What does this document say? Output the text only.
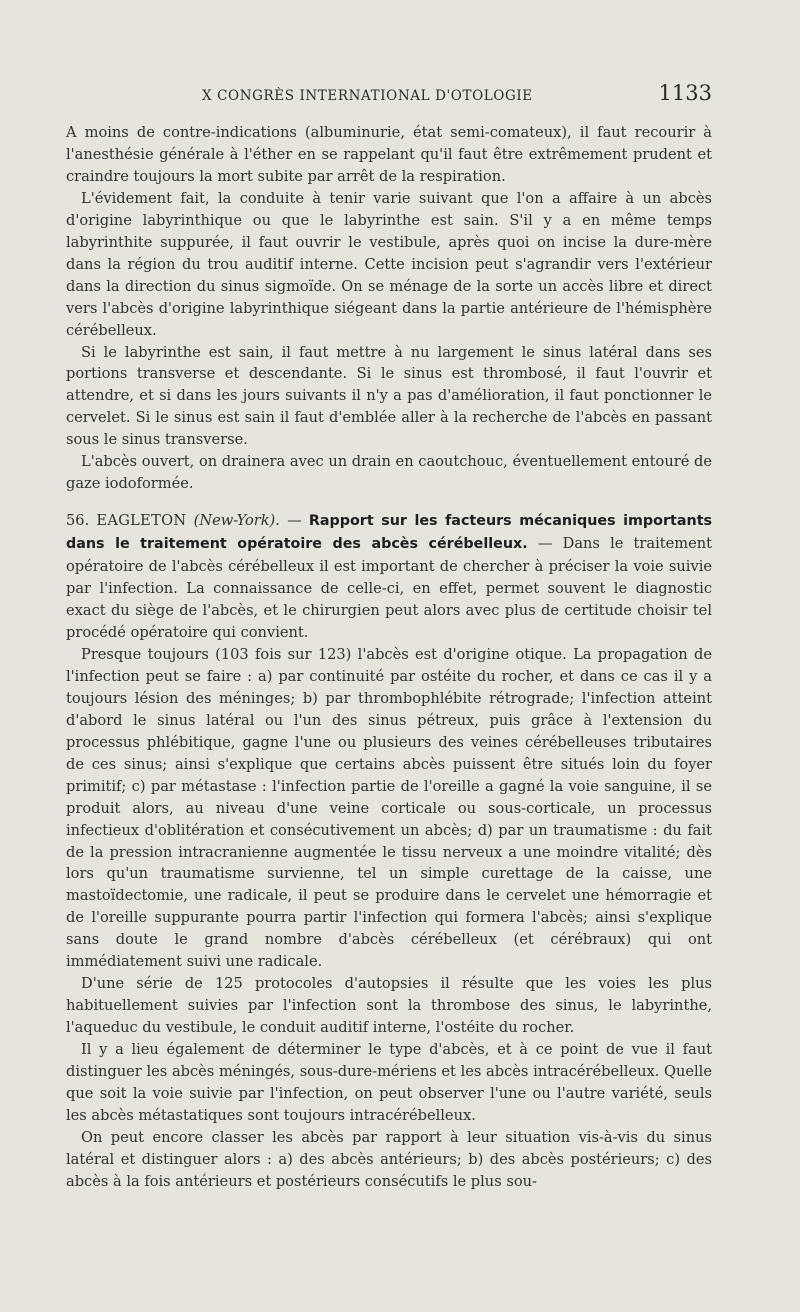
X CONGRÈS INTERNATIONAL D'OTOLOGIE	1133

A moins de contre-indications (albuminurie, état semi-comateux), il faut recourir à l'anesthésie générale à l'éther en se rappelant qu'il faut être extrêmement prudent et craindre toujours la mort subite par arrêt de la respiration.

L'évidement fait, la conduite à tenir varie suivant que l'on a affaire à un abcès d'origine labyrinthique ou que le labyrinthe est sain. S'il y a en même temps labyrinthite suppurée, il faut ouvrir le vestibule, après quoi on incise la dure-mère dans la région du trou auditif interne. Cette incision peut s'agrandir vers l'extérieur dans la direction du sinus sigmoïde. On se ménage de la sorte un accès libre et direct vers l'abcès d'origine labyrinthique siégeant dans la partie antérieure de l'hémisphère cérébelleux.

Si le labyrinthe est sain, il faut mettre à nu largement le sinus latéral dans ses portions transverse et descendante. Si le sinus est thrombosé, il faut l'ouvrir et attendre, et si dans les jours suivants il n'y a pas d'amélioration, il faut ponctionner le cervelet. Si le sinus est sain il faut d'emblée aller à la recherche de l'abcès en passant sous le sinus transverse.

L'abcès ouvert, on drainera avec un drain en caoutchouc, éventuellement entouré de gaze iodoformée.

56. EAGLETON (New-York). — Rapport sur les facteurs mécaniques importants dans le traitement opératoire des abcès cérébelleux. — Dans le traitement opératoire de l'abcès cérébelleux il est important de chercher à préciser la voie suivie par l'infection. La connaissance de celle-ci, en effet, permet souvent le diagnostic exact du siège de l'abcès, et le chirurgien peut alors avec plus de certitude choisir tel procédé opératoire qui convient.

Presque toujours (103 fois sur 123) l'abcès est d'origine otique. La propagation de l'infection peut se faire : a) par continuité par ostéite du rocher, et dans ce cas il y a toujours lésion des méninges; b) par thrombophlébite rétrograde; l'infection atteint d'abord le sinus latéral ou l'un des sinus pétreux, puis grâce à l'extension du processus phlébitique, gagne l'une ou plusieurs des veines cérébelleuses tributaires de ces sinus; ainsi s'explique que certains abcès puissent être situés loin du foyer primitif; c) par métastase : l'infection partie de l'oreille a gagné la voie sanguine, il se produit alors, au niveau d'une veine corticale ou sous-corticale, un processus infectieux d'oblitération et consécutivement un abcès; d) par un traumatisme : du fait de la pression intracranienne augmentée le tissu nerveux a une moindre vitalité; dès lors qu'un traumatisme survienne, tel un simple curettage de la caisse, une mastoïdectomie, une radicale, il peut se produire dans le cervelet une hémorragie et de l'oreille suppurante pourra partir l'infection qui formera l'abcès; ainsi s'explique sans doute le grand nombre d'abcès cérébelleux (et cérébraux) qui ont immédiatement suivi une radicale.

D'une série de 125 protocoles d'autopsies il résulte que les voies les plus habituellement suivies par l'infection sont la thrombose des sinus, le labyrinthe, l'aqueduc du vestibule, le conduit auditif interne, l'ostéite du rocher.

Il y a lieu également de déterminer le type d'abcès, et à ce point de vue il faut distinguer les abcès méningés, sous-dure-mériens et les abcès intracérébelleux. Quelle que soit la voie suivie par l'infection, on peut observer l'une ou l'autre variété, seuls les abcès métastatiques sont toujours intracérébelleux.

On peut encore classer les abcès par rapport à leur situation vis-à-vis du sinus latéral et distinguer alors : a) des abcès antérieurs; b) des abcès postérieurs; c) des abcès à la fois antérieurs et postérieurs consécutifs le plus sou-
